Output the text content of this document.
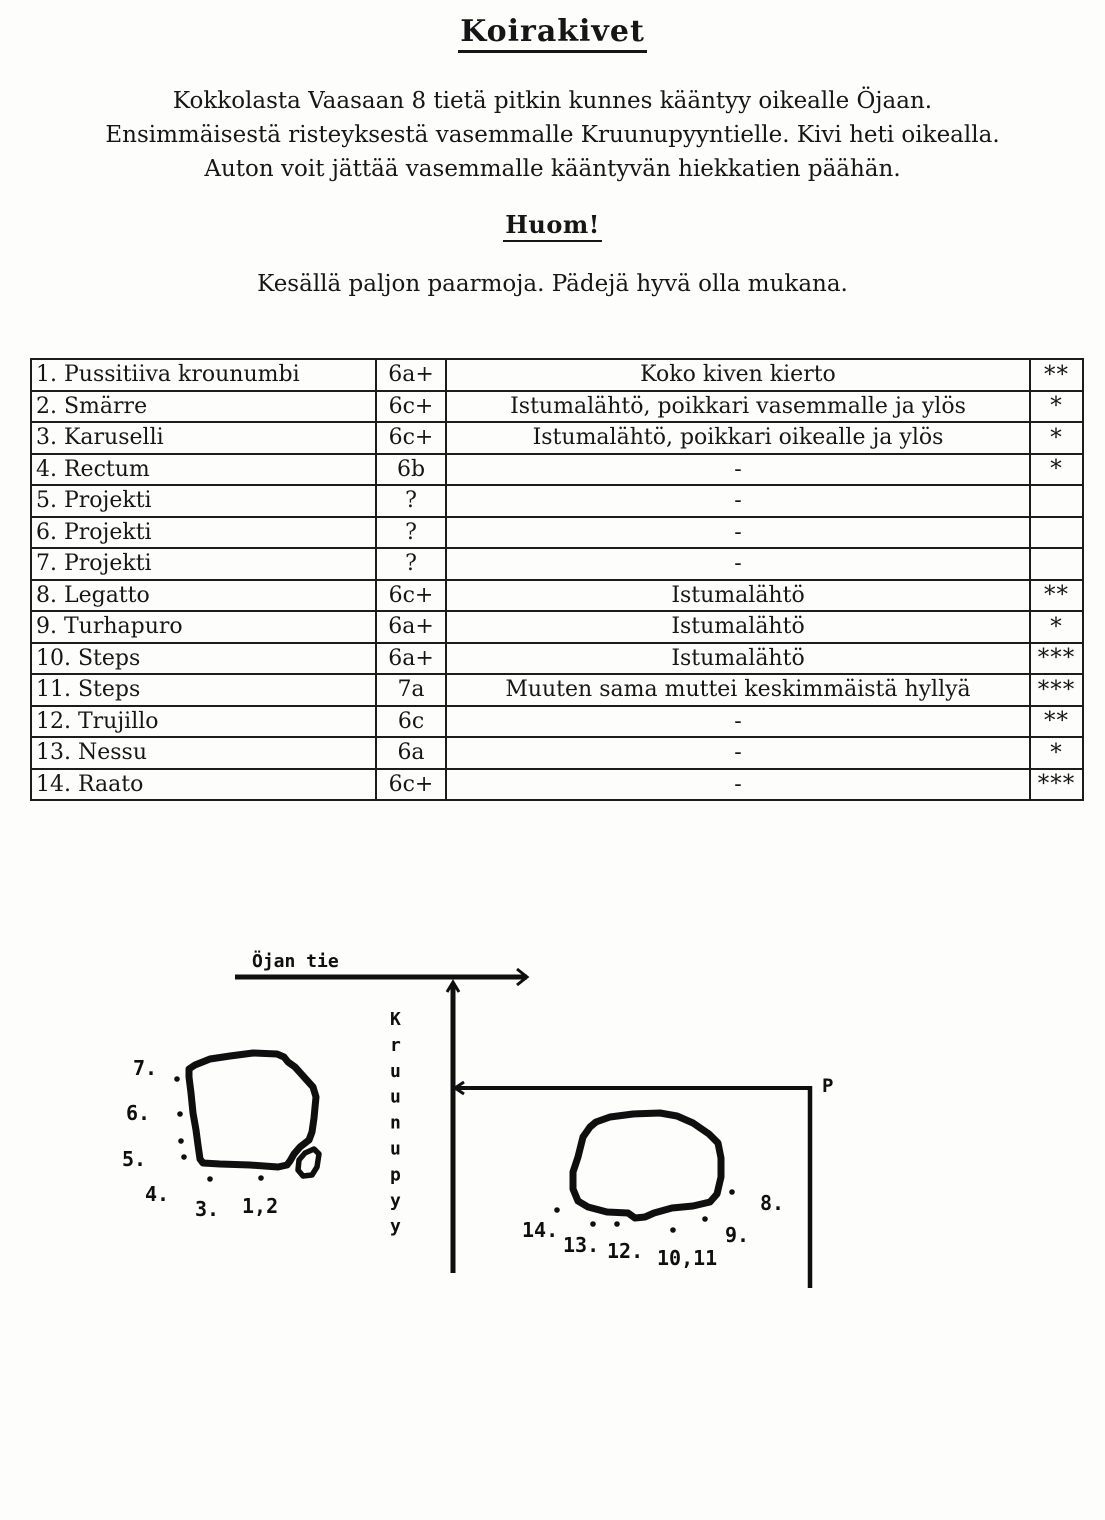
Koirakivet
Kokkolasta Vaasaan 8 tietä pitkin kunnes kääntyy oikealle Öjaan.
Ensimmäisestä risteyksestä vasemmalle Kruunupyyntielle. Kivi heti oikealla.
Auton voit jättää vasemmalle kääntyvän hiekkatien päähän.
Huom!
Kesällä paljon paarmoja. Pädejä hyvä olla mukana.
1. Pussitiiva krounumbi	6a+	Koko kiven kierto	**
2. Smärre	6c+	Istumalähtö, poikkari vasemmalle ja ylös	*
3. Karuselli	6c+	Istumalähtö, poikkari oikealle ja ylös	*
4. Rectum	6b	-	*
5. Projekti	?	-	
6. Projekti	?	-	
7. Projekti	?	-	
8. Legatto	6c+	Istumalähtö	**
9. Turhapuro	6a+	Istumalähtö	*
10. Steps	6a+	Istumalähtö	***
11. Steps	7a	Muuten sama muttei keskimmäistä hyllyä	***
12. Trujillo	6c	-	**
13. Nessu	6a	-	*
14. Raato	6c+	-	***
Öjan tie
K r u u n u p y y
P
7.
6.
5.
4.
3. 1,2
14.
13. 12. 10,11
9.
8.
